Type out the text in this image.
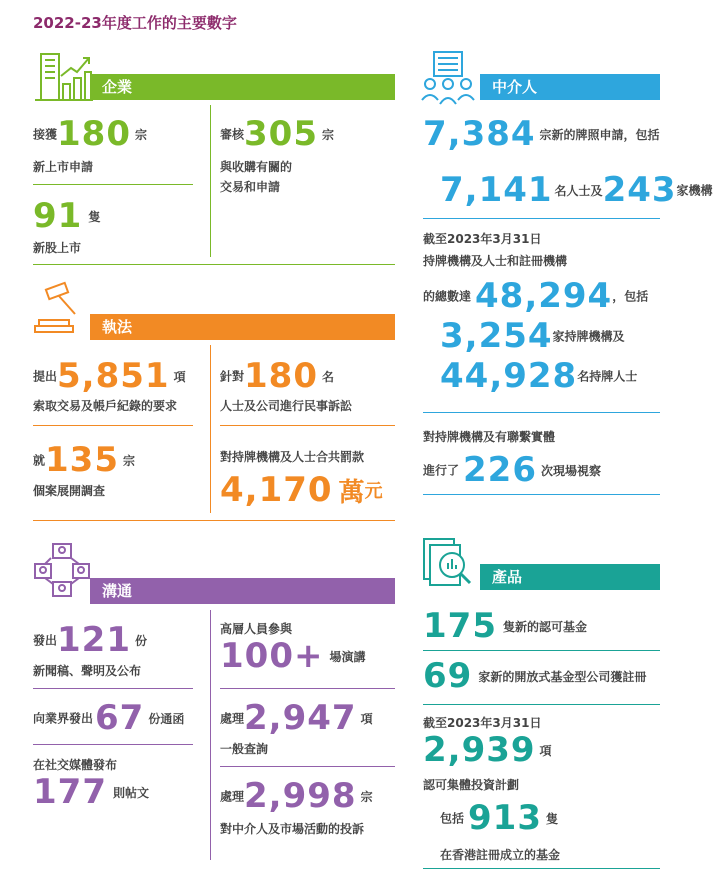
2022-23年度工作的主要數字
企業
接獲180 宗
新上市申請
91 隻
新股上市
審核305 宗
與收購有關的
交易和申請
執法
提出5,851 項
索取交易及帳戶紀錄的要求
就135 宗
個案展開調查
針對180 名
人士及公司進行民事訴訟
對持牌機構及人士合共罰款
4,170 萬元
溝通
發出121 份
新聞稿、聲明及公布
向業界發出67 份通函
在社交媒體發布
177 則帖文
高層人員參與
100+ 場演講
處理2,947 項
一般查詢
處理2,998 宗
對中介人及市場活動的投訴
中介人
7,384 宗新的牌照申請，包括
7,141 名人士及243家機構
截至2023年3月31日
持牌機構及人士和註冊機構
的總數達 48,294，包括
3,254家持牌機構及
44,928名持牌人士
對持牌機構及有聯繫實體
進行了 226 次現場視察
產品
175 隻新的認可基金
69 家新的開放式基金型公司獲註冊
截至2023年3月31日
2,939 項
認可集體投資計劃
包括 913 隻
在香港註冊成立的基金
